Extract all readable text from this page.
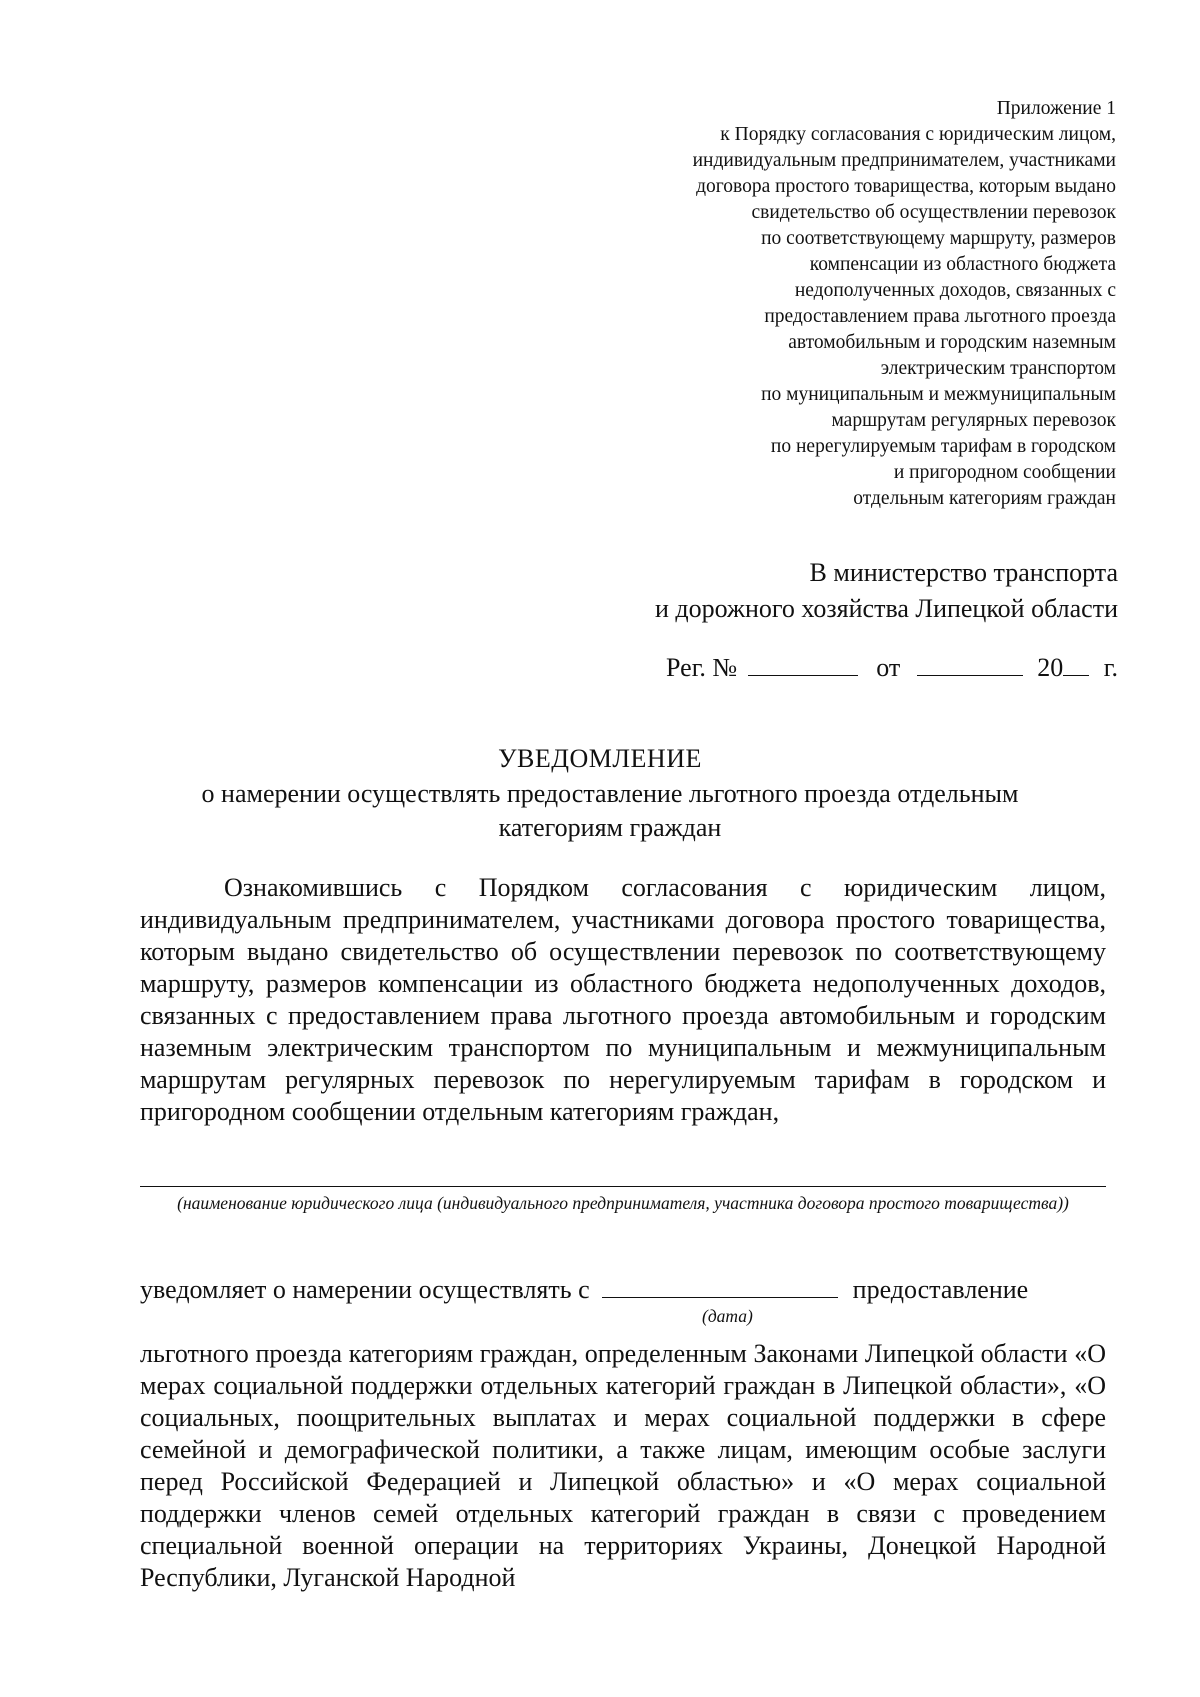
Приложение 1
к Порядку согласования с юридическим лицом,
индивидуальным предпринимателем, участниками
договора простого товарищества, которым выдано
свидетельство об осуществлении перевозок
по соответствующему маршруту, размеров
компенсации из областного бюджета
недополученных доходов, связанных с
предоставлением права льготного проезда
автомобильным и городским наземным
электрическим транспортом
по муниципальным и межмуниципальным
маршрутам регулярных перевозок
по нерегулируемым тарифам в городском
и пригородном сообщении
отдельным категориям граждан
В министерство транспорта
и дорожного хозяйства Липецкой области
Рег. №	от	20 г.
УВЕДОМЛЕНИЕ
о намерении осуществлять предоставление льготного проезда отдельным категориям граждан
Ознакомившись с Порядком согласования с юридическим лицом, индивидуальным предпринимателем, участниками договора простого товарищества, которым выдано свидетельство об осуществлении перевозок по соответствующему маршруту, размеров компенсации из областного бюджета недополученных доходов, связанных с предоставлением права льготного проезда автомобильным и городским наземным электрическим транспортом по муниципальным и межмуниципальным маршрутам регулярных перевозок по нерегулируемым тарифам в городском и пригородном сообщении отдельным категориям граждан,
(наименование юридического лица (индивидуального предпринимателя, участника договора простого товарищества))
уведомляет о намерении осуществлять с	предоставление
(дата)
льготного проезда категориям граждан, определенным Законами Липецкой области «О мерах социальной поддержки отдельных категорий граждан в Липецкой области», «О социальных, поощрительных выплатах и мерах социальной поддержки в сфере семейной и демографической политики, а также лицам, имеющим особые заслуги перед Российской Федерацией и Липецкой областью» и «О мерах социальной поддержки членов семей отдельных категорий граждан в связи с проведением специальной военной операции на территориях Украины, Донецкой Народной Республики, Луганской Народной
